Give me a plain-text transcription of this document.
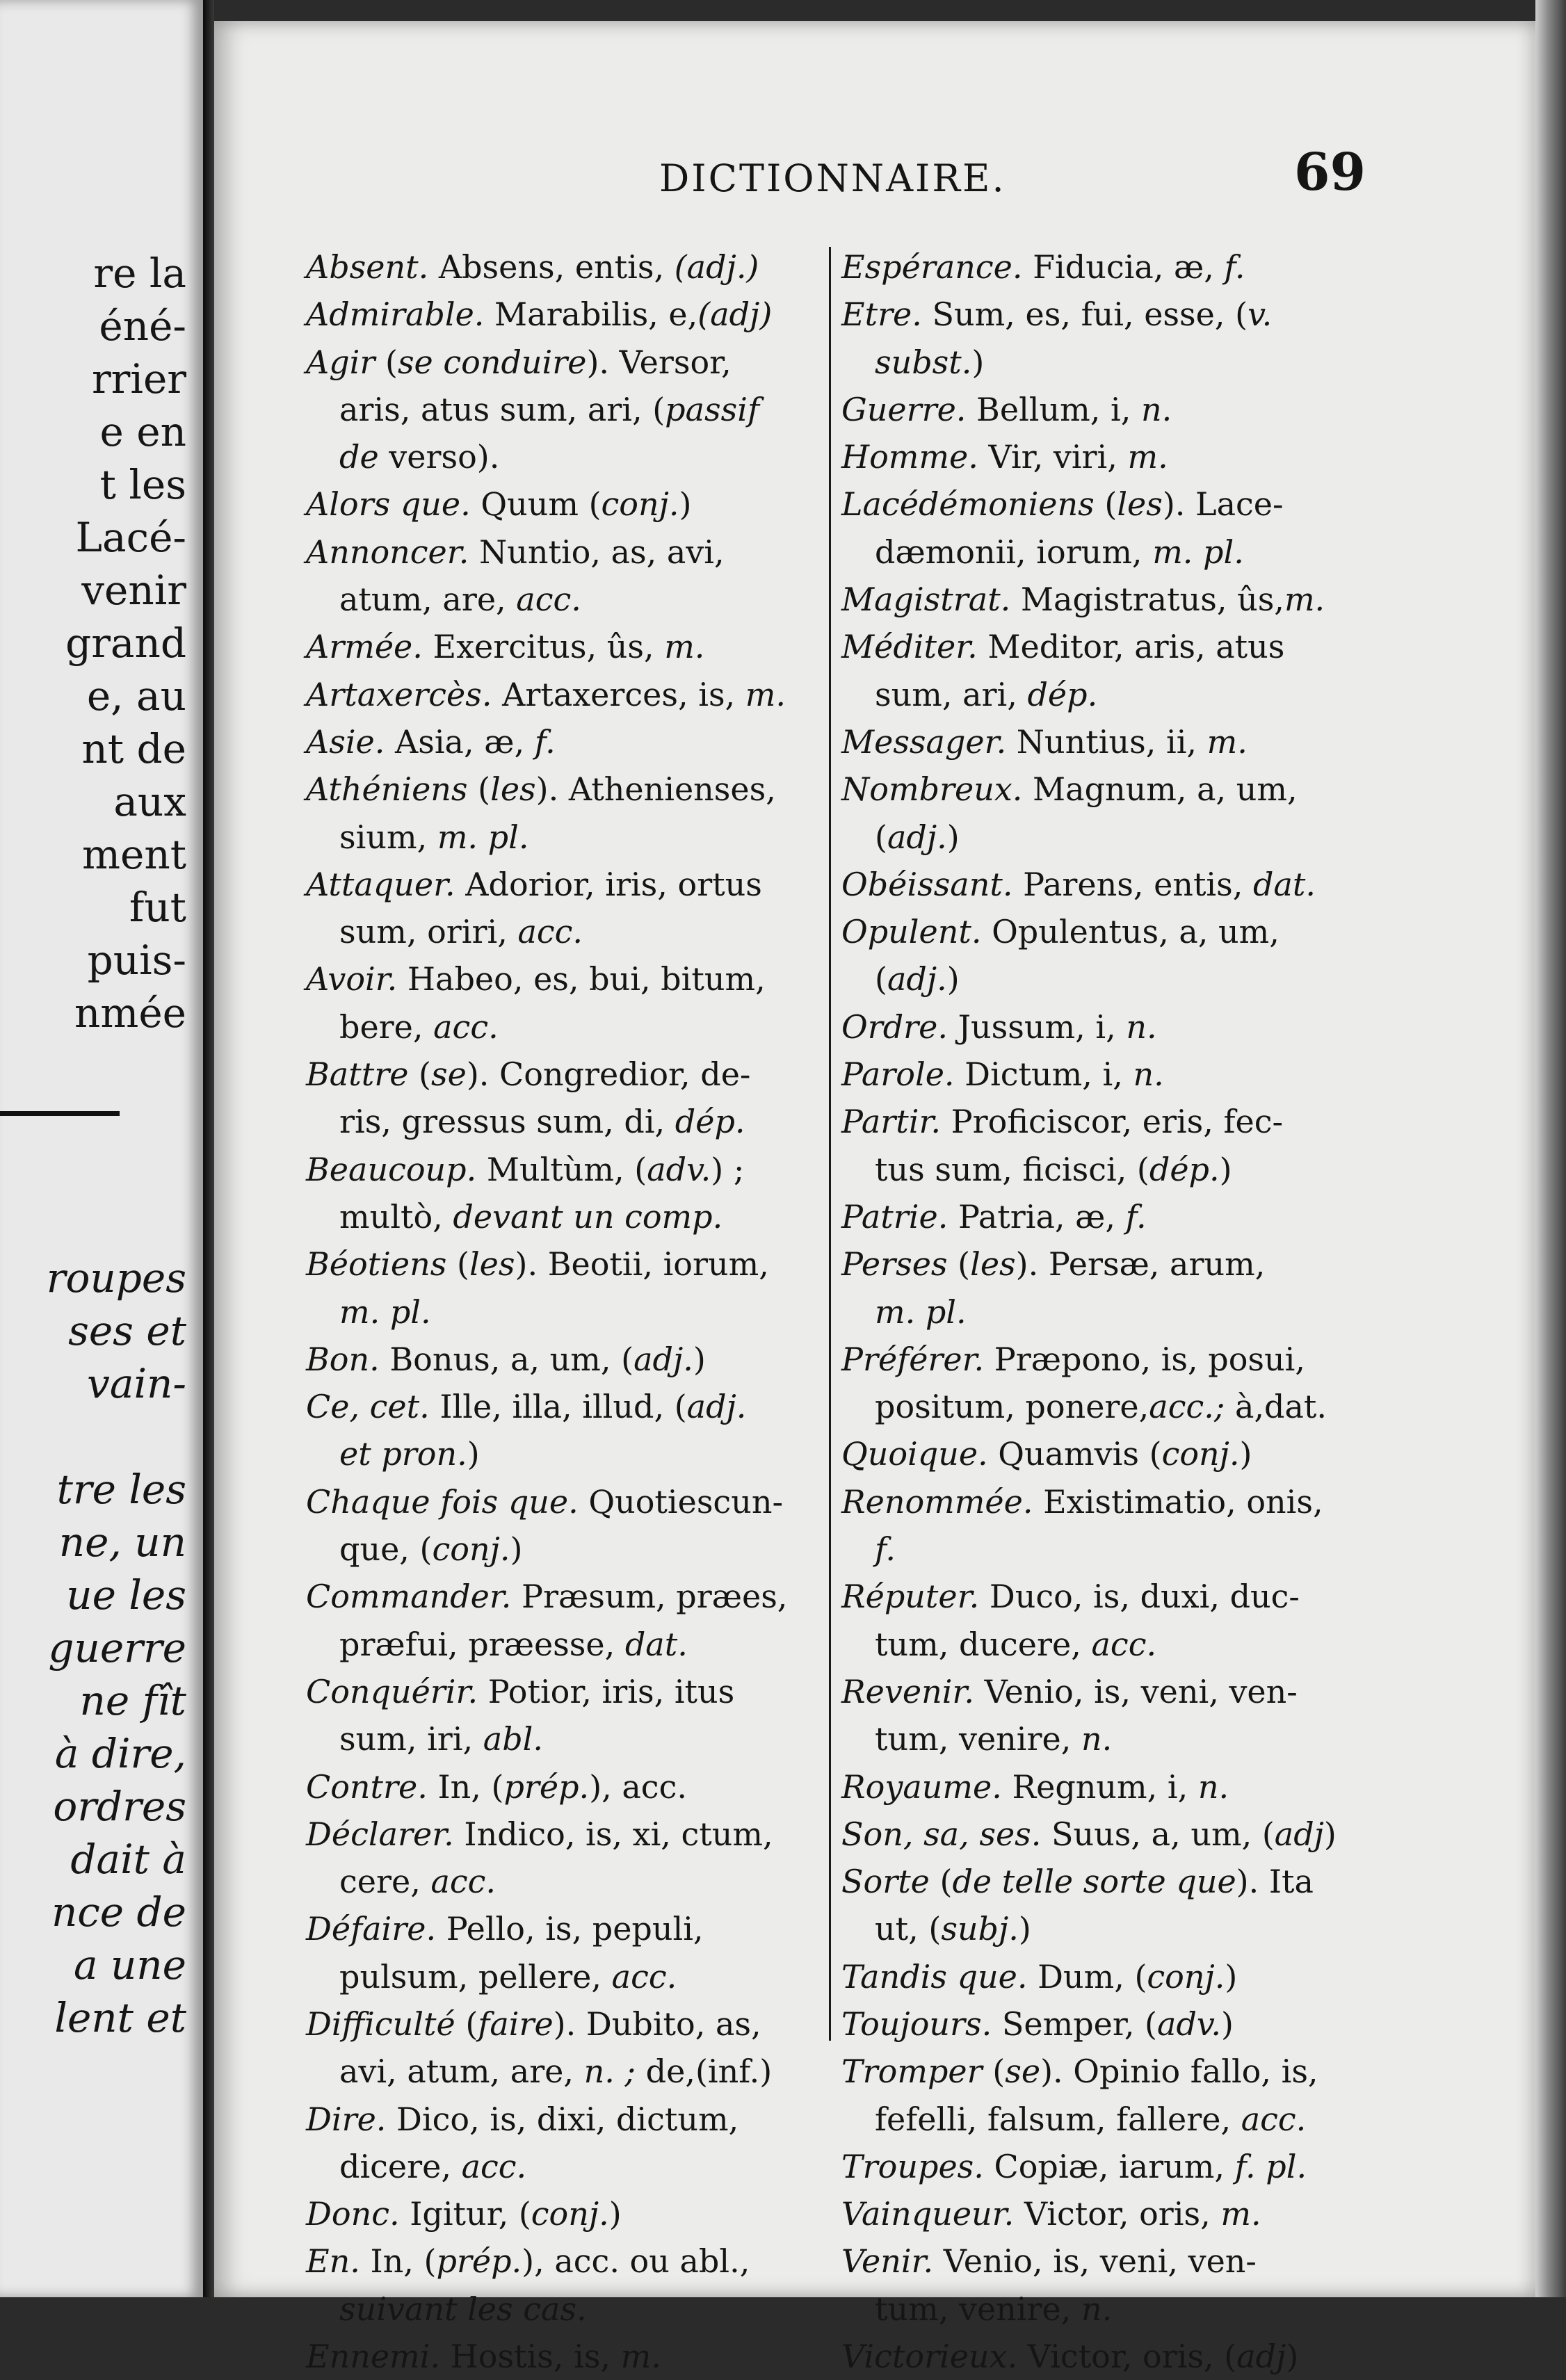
re la
éné-
rrier
e en
t les
Lacé-
venir
grand
e, au
nt de
aux
ment
fut
puis-
nmée
roupes
ses et
vain-
tre les
ne, un
ue les
guerre
ne fît
à dire,
ordres
dait à
nce de
a une
lent et
DICTIONNAIRE.	69
Absent. Absens, entis, (adj.)
Admirable. Marabilis, e,(adj)
Agir (se conduire). Versor,
aris, atus sum, ari, (passif
de verso).
Alors que. Quum (conj.)
Annoncer. Nuntio, as, avi,
atum, are, acc.
Armée. Exercitus, ûs, m.
Artaxercès. Artaxerces, is, m.
Asie. Asia, æ, f.
Athéniens (les). Athenienses,
sium, m. pl.
Attaquer. Adorior, iris, ortus
sum, oriri, acc.
Avoir. Habeo, es, bui, bitum,
bere, acc.
Battre (se). Congredior, de-
ris, gressus sum, di, dép.
Beaucoup. Multùm, (adv.) ;
multò, devant un comp.
Béotiens (les). Beotii, iorum,
m. pl.
Bon. Bonus, a, um, (adj.)
Ce, cet. Ille, illa, illud, (adj.
et pron.)
Chaque fois que. Quotiescun-
que, (conj.)
Commander. Præsum, præes,
præfui, præesse, dat.
Conquérir. Potior, iris, itus
sum, iri, abl.
Contre. In, (prép.), acc.
Déclarer. Indico, is, xi, ctum,
cere, acc.
Défaire. Pello, is, pepuli,
pulsum, pellere, acc.
Difficulté (faire). Dubito, as,
avi, atum, are, n. ; de,(inf.)
Dire. Dico, is, dixi, dictum,
dicere, acc.
Donc. Igitur, (conj.)
En. In, (prép.), acc. ou abl.,
suivant les cas.
Ennemi. Hostis, is, m.
Espérance. Fiducia, æ, f.
Etre. Sum, es, fui, esse, (v.
subst.)
Guerre. Bellum, i, n.
Homme. Vir, viri, m.
Lacédémoniens (les). Lace-
dæmonii, iorum, m. pl.
Magistrat. Magistratus, ûs,m.
Méditer. Meditor, aris, atus
sum, ari, dép.
Messager. Nuntius, ii, m.
Nombreux. Magnum, a, um,
(adj.)
Obéissant. Parens, entis, dat.
Opulent. Opulentus, a, um,
(adj.)
Ordre. Jussum, i, n.
Parole. Dictum, i, n.
Partir. Proficiscor, eris, fec-
tus sum, ficisci, (dép.)
Patrie. Patria, æ, f.
Perses (les). Persæ, arum,
m. pl.
Préférer. Præpono, is, posui,
positum, ponere,acc.; à,dat.
Quoique. Quamvis (conj.)
Renommée. Existimatio, onis,
f.
Réputer. Duco, is, duxi, duc-
tum, ducere, acc.
Revenir. Venio, is, veni, ven-
tum, venire, n.
Royaume. Regnum, i, n.
Son, sa, ses. Suus, a, um, (adj)
Sorte (de telle sorte que). Ita
ut, (subj.)
Tandis que. Dum, (conj.)
Toujours. Semper, (adv.)
Tromper (se). Opinio fallo, is,
fefelli, falsum, fallere, acc.
Troupes. Copiæ, iarum, f. pl.
Vainqueur. Victor, oris, m.
Venir. Venio, is, veni, ven-
tum, venire, n.
Victorieux. Victor, oris, (adj)
